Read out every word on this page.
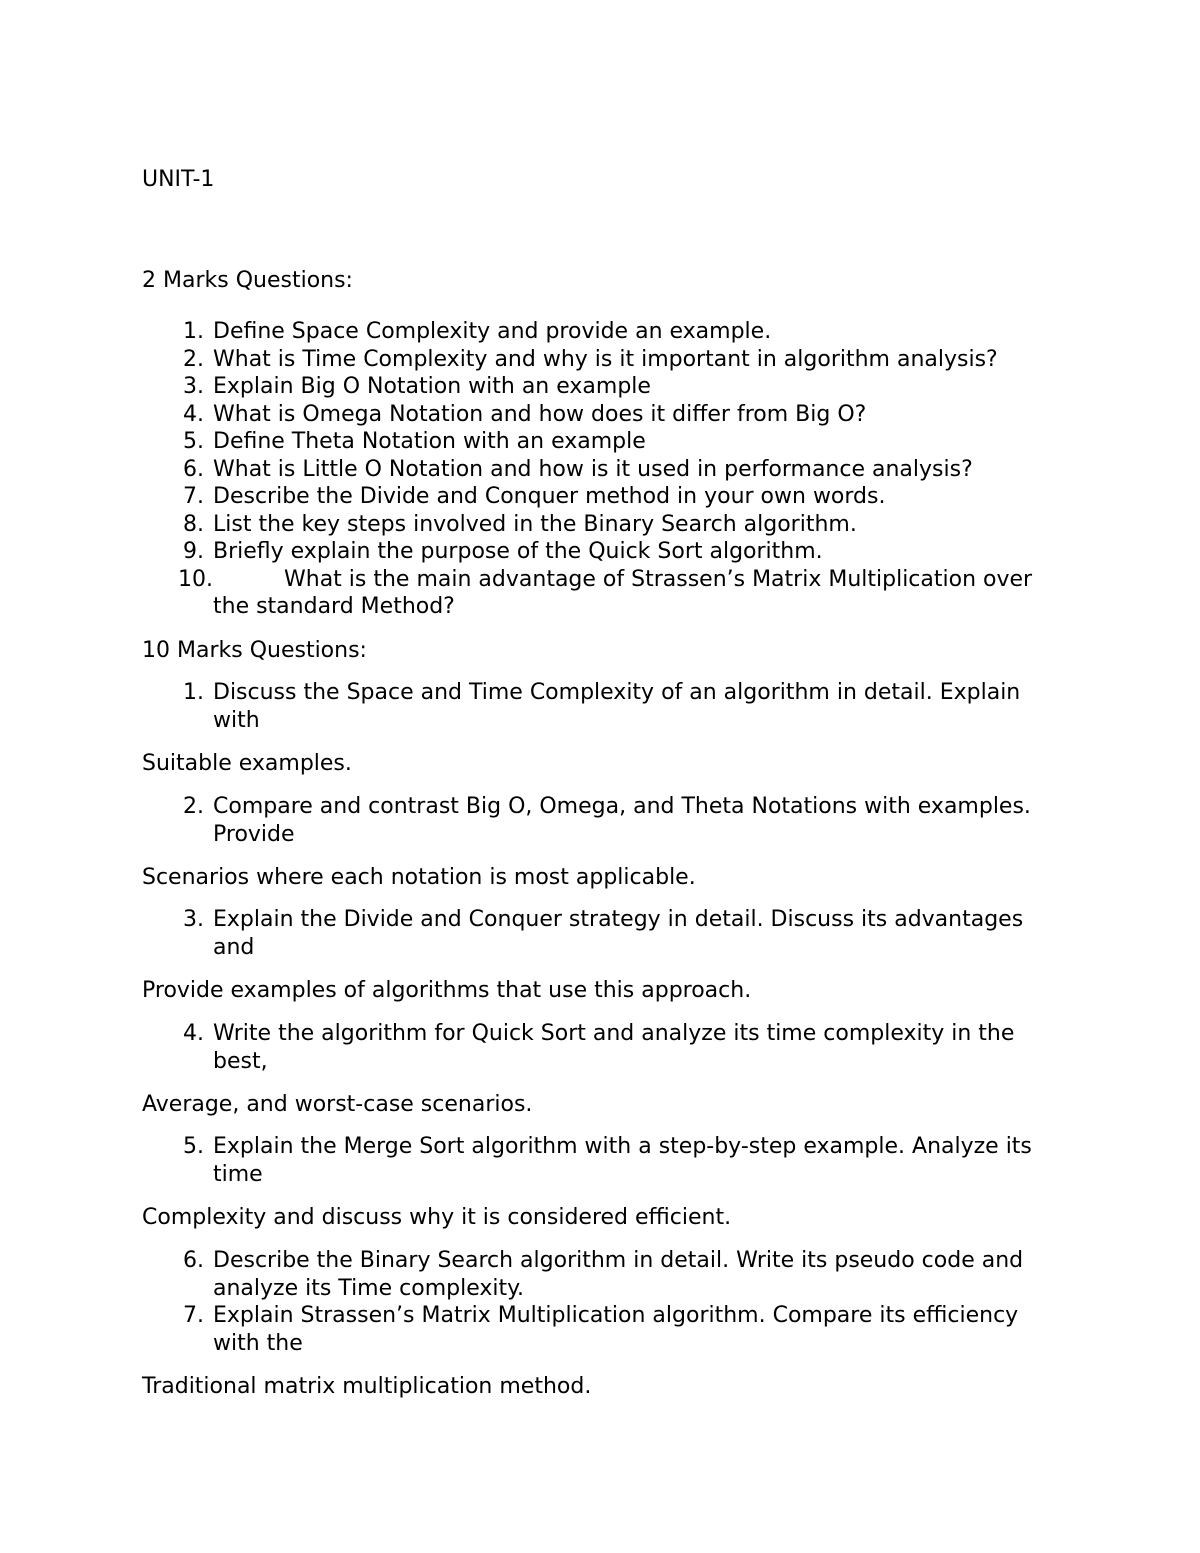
UNIT-1

2 Marks Questions:

1. Define Space Complexity and provide an example.
2. What is Time Complexity and why is it important in algorithm analysis?
3. Explain Big O Notation with an example
4. What is Omega Notation and how does it differ from Big O?
5. Define Theta Notation with an example
6. What is Little O Notation and how is it used in performance analysis?
7. Describe the Divide and Conquer method in your own words.
8. List the key steps involved in the Binary Search algorithm.
9. Briefly explain the purpose of the Quick Sort algorithm.
10.	What is the main advantage of Strassen’s Matrix Multiplication over the standard Method?

10 Marks Questions:

1. Discuss the Space and Time Complexity of an algorithm in detail. Explain with

Suitable examples.

2. Compare and contrast Big O, Omega, and Theta Notations with examples. Provide

Scenarios where each notation is most applicable.

3. Explain the Divide and Conquer strategy in detail. Discuss its advantages and

Provide examples of algorithms that use this approach.

4. Write the algorithm for Quick Sort and analyze its time complexity in the best,

Average, and worst-case scenarios.

5. Explain the Merge Sort algorithm with a step-by-step example. Analyze its time

Complexity and discuss why it is considered efficient.

6. Describe the Binary Search algorithm in detail. Write its pseudo code and analyze its Time complexity.
7. Explain Strassen’s Matrix Multiplication algorithm. Compare its efficiency with the

Traditional matrix multiplication method.
